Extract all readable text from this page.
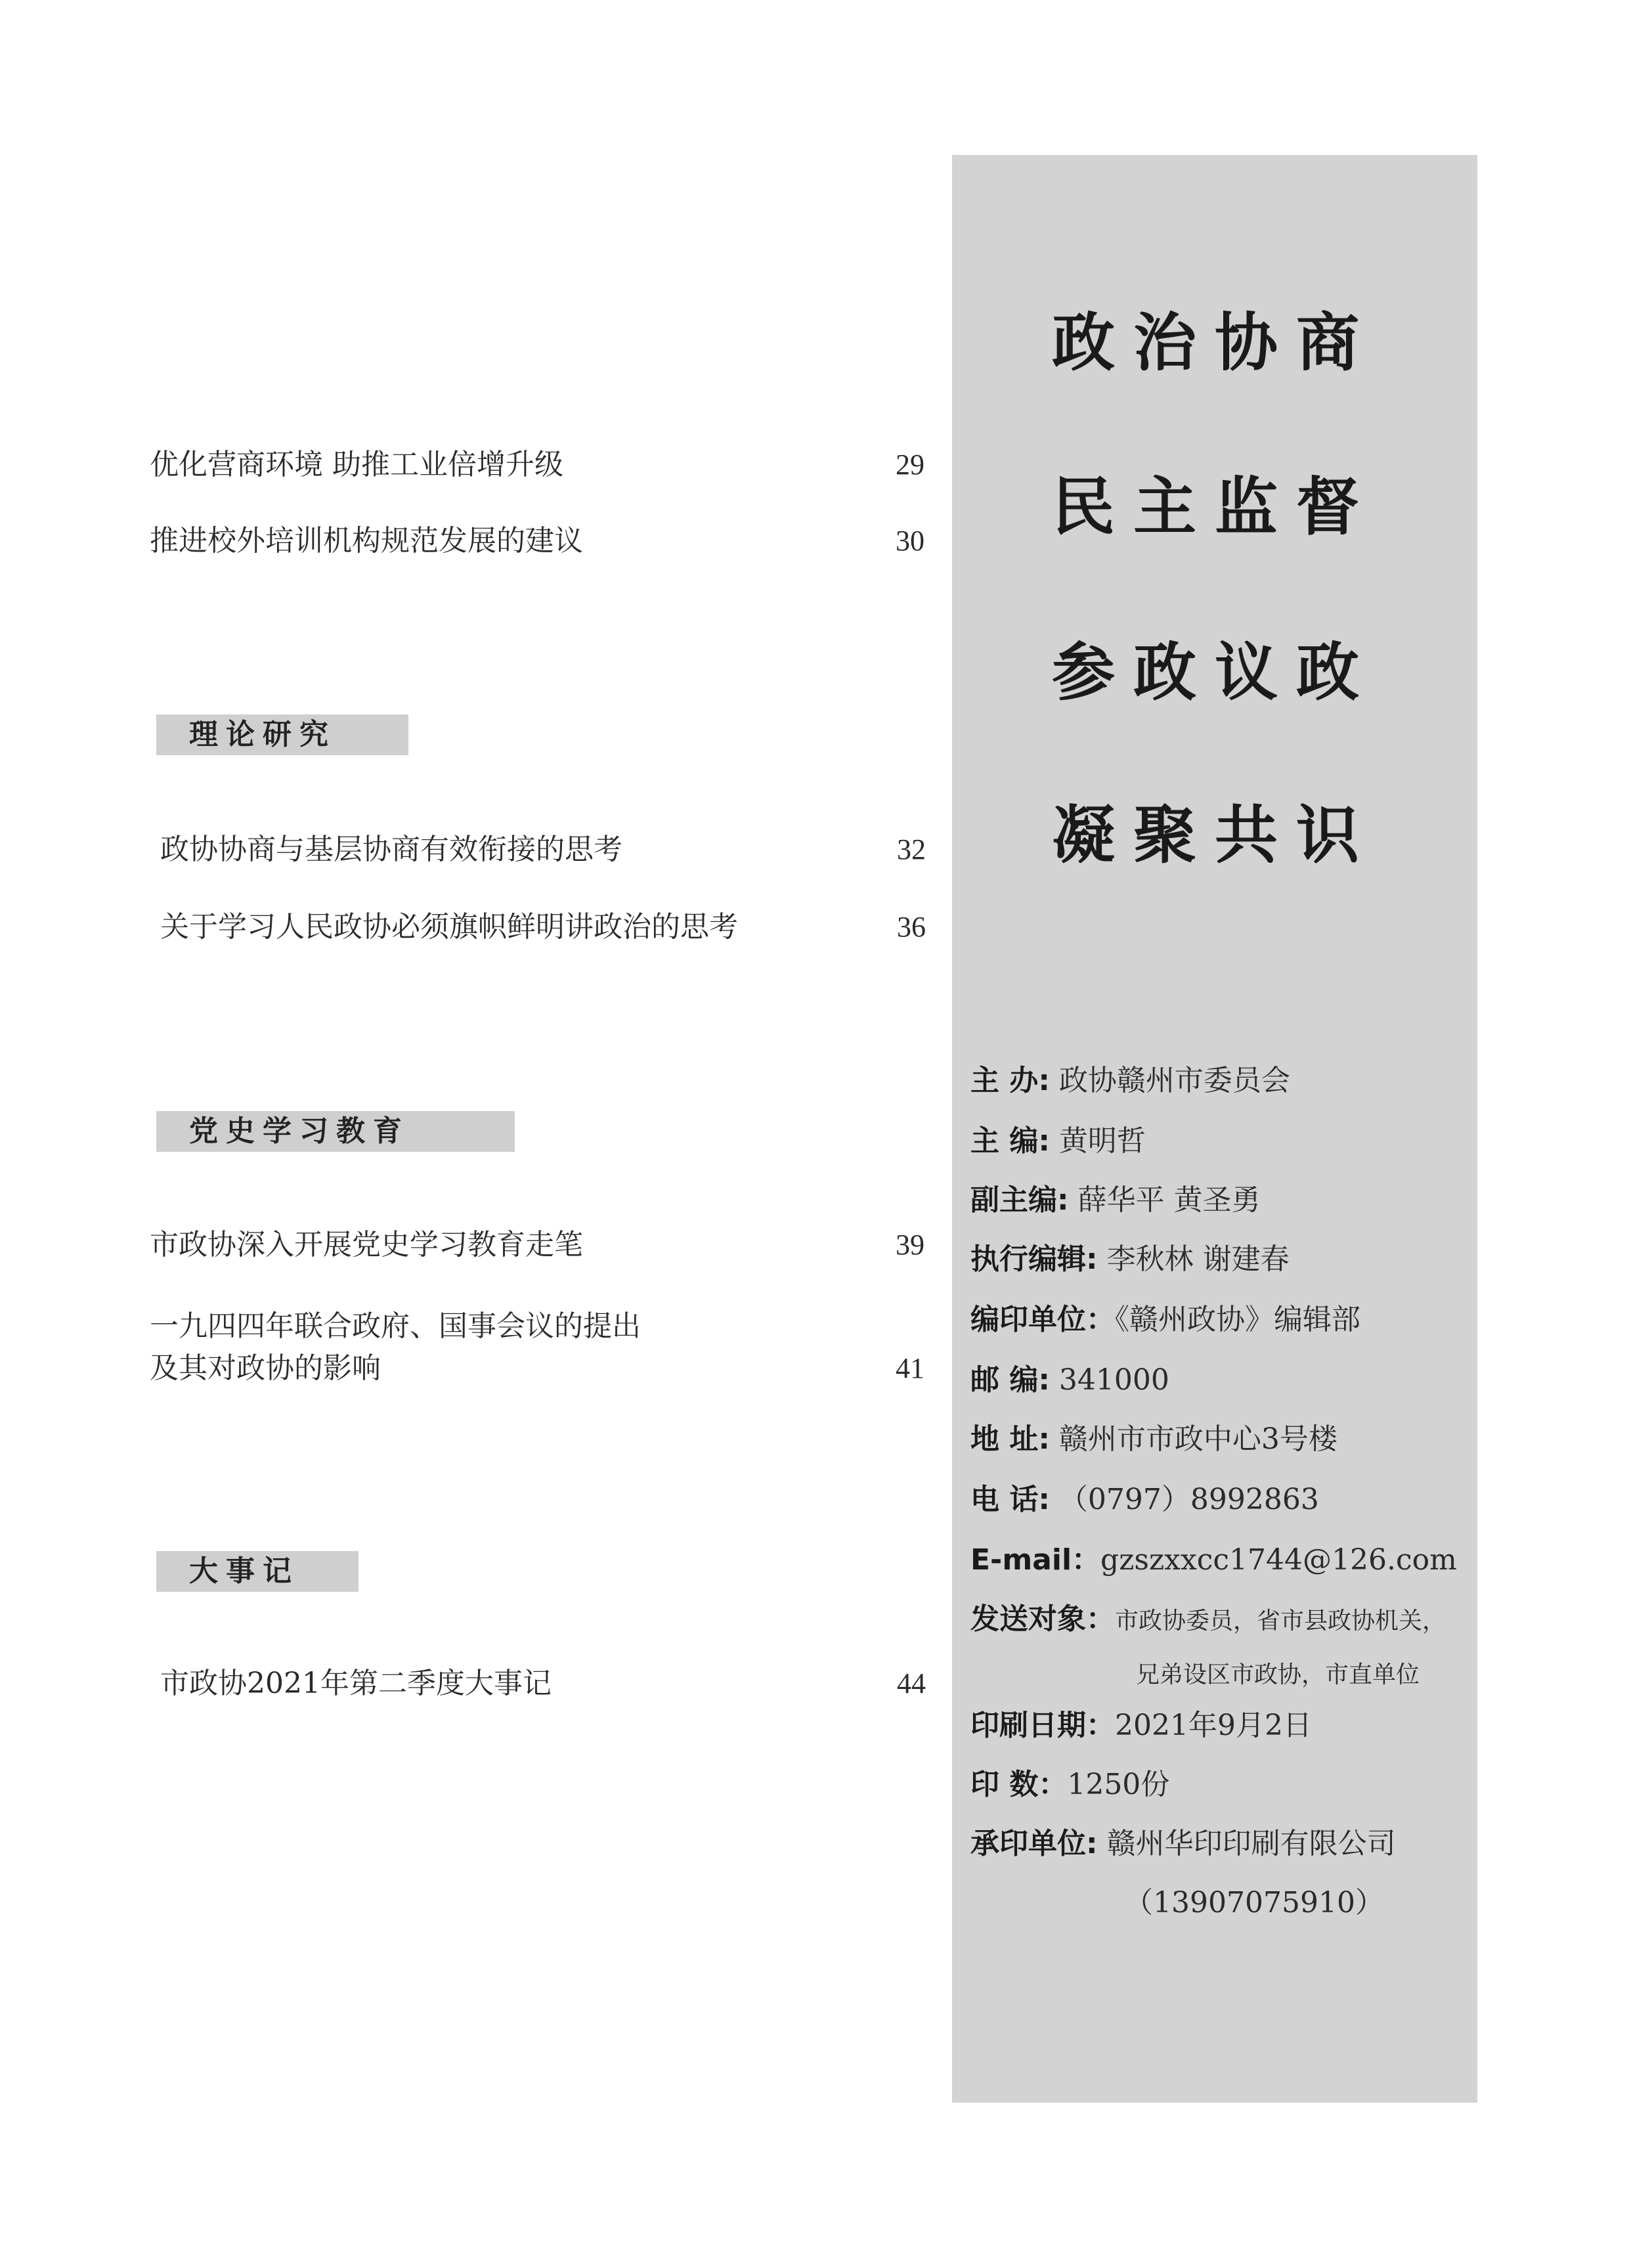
优化营商环境 助推工业倍增升级	29
推进校外培训机构规范发展的建议	30
理论研究
政协协商与基层协商有效衔接的思考	32
关于学习人民政协必须旗帜鲜明讲政治的思考	36
党史学习教育
市政协深入开展党史学习教育走笔	39
一九四四年联合政府、国事会议的提出
及其对政协的影响	41
大事记
市政协2021年第二季度大事记	44
政治协商
民主监督
参政议政
凝聚共识
主 办: 政协赣州市委员会
主 编: 黄明哲
副主编: 薛华平 黄圣勇
执行编辑: 李秋林 谢建春
编印单位：《赣州政协》编辑部
邮 编: 341000
地 址: 赣州市市政中心3号楼
电 话: （0797）8992863
E-mail：gzszxxcc1744@126.com
发送对象：市政协委员，省市县政协机关，
兄弟设区市政协，市直单位
印刷日期：2021年9月2日
印 数：1250份
承印单位: 赣州华印印刷有限公司
（13907075910）
